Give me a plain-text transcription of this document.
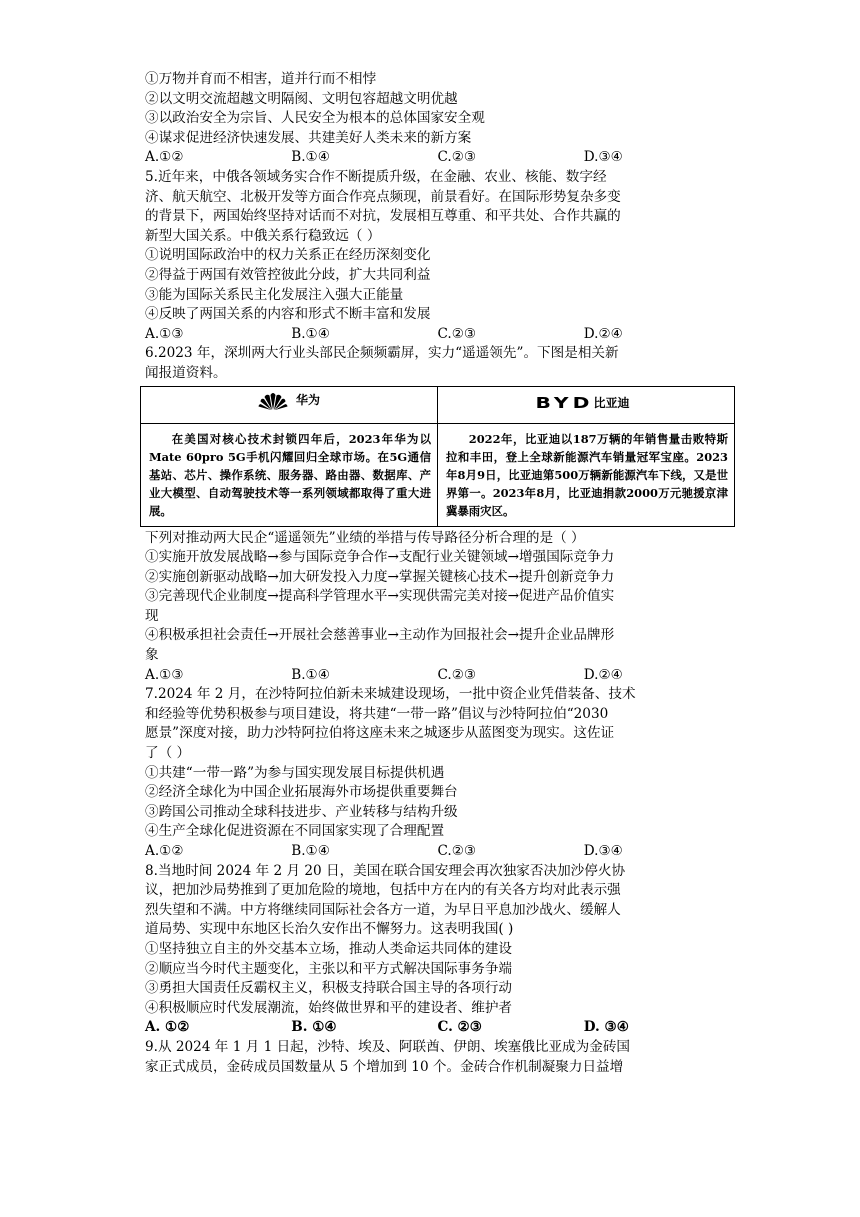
①万物并育而不相害，道并行而不相悖
②以文明交流超越文明隔阂、文明包容超越文明优越
③以政治安全为宗旨、人民安全为根本的总体国家安全观
④谋求促进经济快速发展、共建美好人类未来的新方案
A.①②	B.①④	C.②③	D.③④
5.近年来，中俄各领域务实合作不断提质升级，在金融、农业、核能、数字经
济、航天航空、北极开发等方面合作亮点频现，前景看好。在国际形势复杂多变
的背景下，两国始终坚持对话而不对抗，发展相互尊重、和平共处、合作共赢的
新型大国关系。中俄关系行稳致远（ ）
①说明国际政治中的权力关系正在经历深刻变化
②得益于两国有效管控彼此分歧，扩大共同利益
③能为国际关系民主化发展注入强大正能量
④反映了两国关系的内容和形式不断丰富和发展
A.①③	B.①④	C.②③	D.②④
6.2023 年，深圳两大行业头部民企频频霸屏，实力“遥遥领先”。下图是相关新
闻报道资料。
华为	BYD 比亚迪

在美国对核心技术封锁四年后，2023年华为以Mate 60pro 5G手机闪耀回归全球市场。在5G通信基站、芯片、操作系统、服务器、路由器、数据库、产业大模型、自动驾驶技术等一系列领域都取得了重大进展。	2022年，比亚迪以187万辆的年销售量击败特斯拉和丰田，登上全球新能源汽车销量冠军宝座。2023年8月9日，比亚迪第500万辆新能源汽车下线，又是世界第一。2023年8月，比亚迪捐款2000万元驰援京津冀暴雨灾区。
下列对推动两大民企“遥遥领先”业绩的举措与传导路径分析合理的是（ ）
①实施开放发展战略→参与国际竞争合作→支配行业关键领域→增强国际竞争力
②实施创新驱动战略→加大研发投入力度→掌握关键核心技术→提升创新竞争力
③完善现代企业制度→提高科学管理水平→实现供需完美对接→促进产品价值实
现
④积极承担社会责任→开展社会慈善事业→主动作为回报社会→提升企业品牌形
象
A.①③	B.①④	C.②③	D.②④
7.2024 年 2 月，在沙特阿拉伯新未来城建设现场，一批中资企业凭借装备、技术
和经验等优势积极参与项目建设，将共建“一带一路”倡议与沙特阿拉伯“2030
愿景”深度对接，助力沙特阿拉伯将这座未来之城逐步从蓝图变为现实。这佐证
了（ ）
①共建“一带一路”为参与国实现发展目标提供机遇
②经济全球化为中国企业拓展海外市场提供重要舞台
③跨国公司推动全球科技进步、产业转移与结构升级
④生产全球化促进资源在不同国家实现了合理配置
A.①②	B.①④	C.②③	D.③④
8.当地时间 2024 年 2 月 20 日，美国在联合国安理会再次独家否决加沙停火协
议，把加沙局势推到了更加危险的境地，包括中方在内的有关各方均对此表示强
烈失望和不满。中方将继续同国际社会各方一道，为早日平息加沙战火、缓解人
道局势、实现中东地区长治久安作出不懈努力。这表明我国( )
①坚持独立自主的外交基本立场，推动人类命运共同体的建设
②顺应当今时代主题变化，主张以和平方式解决国际事务争端
③勇担大国责任反霸权主义，积极支持联合国主导的各项行动
④积极顺应时代发展潮流，始终做世界和平的建设者、维护者
A. ①②	B. ①④	C. ②③	D. ③④
9.从 2024 年 1 月 1 日起，沙特、埃及、阿联酋、伊朗、埃塞俄比亚成为金砖国
家正式成员，金砖成员国数量从 5 个增加到 10 个。金砖合作机制凝聚力日益增
